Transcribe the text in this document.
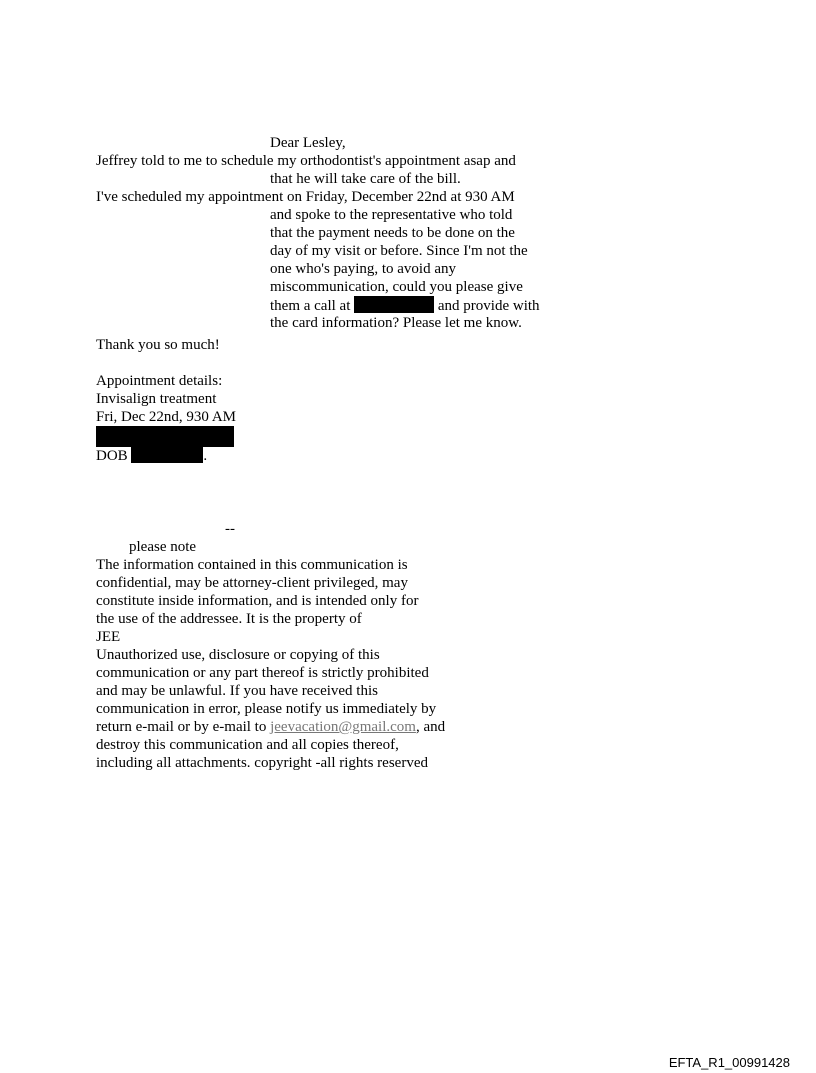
Dear Lesley,

Jeffrey told to me to schedule my orthodontist's appointment asap and

that he will take care of the bill.

I've scheduled my appointment on Friday, December 22nd at 930 AM

and spoke to the representative who told

that the payment needs to be done on the

day of my visit or before. Since I'm not the

one who's paying, to avoid any

miscommunication, could you please give

them a call at	and provide with

the card information? Please let me know.

Thank you so much!

Appointment details:

Invisalign treatment

Fri, Dec 22nd, 930 AM

DOB	.

--

please note

The information contained in this communication is

confidential, may be attorney-client privileged, may

constitute inside information, and is intended only for

the use of the addressee. It is the property of

JEE

Unauthorized use, disclosure or copying of this

communication or any part thereof is strictly prohibited

and may be unlawful. If you have received this

communication in error, please notify us immediately by

return e-mail or by e-mail to jeevacation@gmail.com, and

destroy this communication and all copies thereof,

including all attachments. copyright -all rights reserved

EFTA_R1_00991428
